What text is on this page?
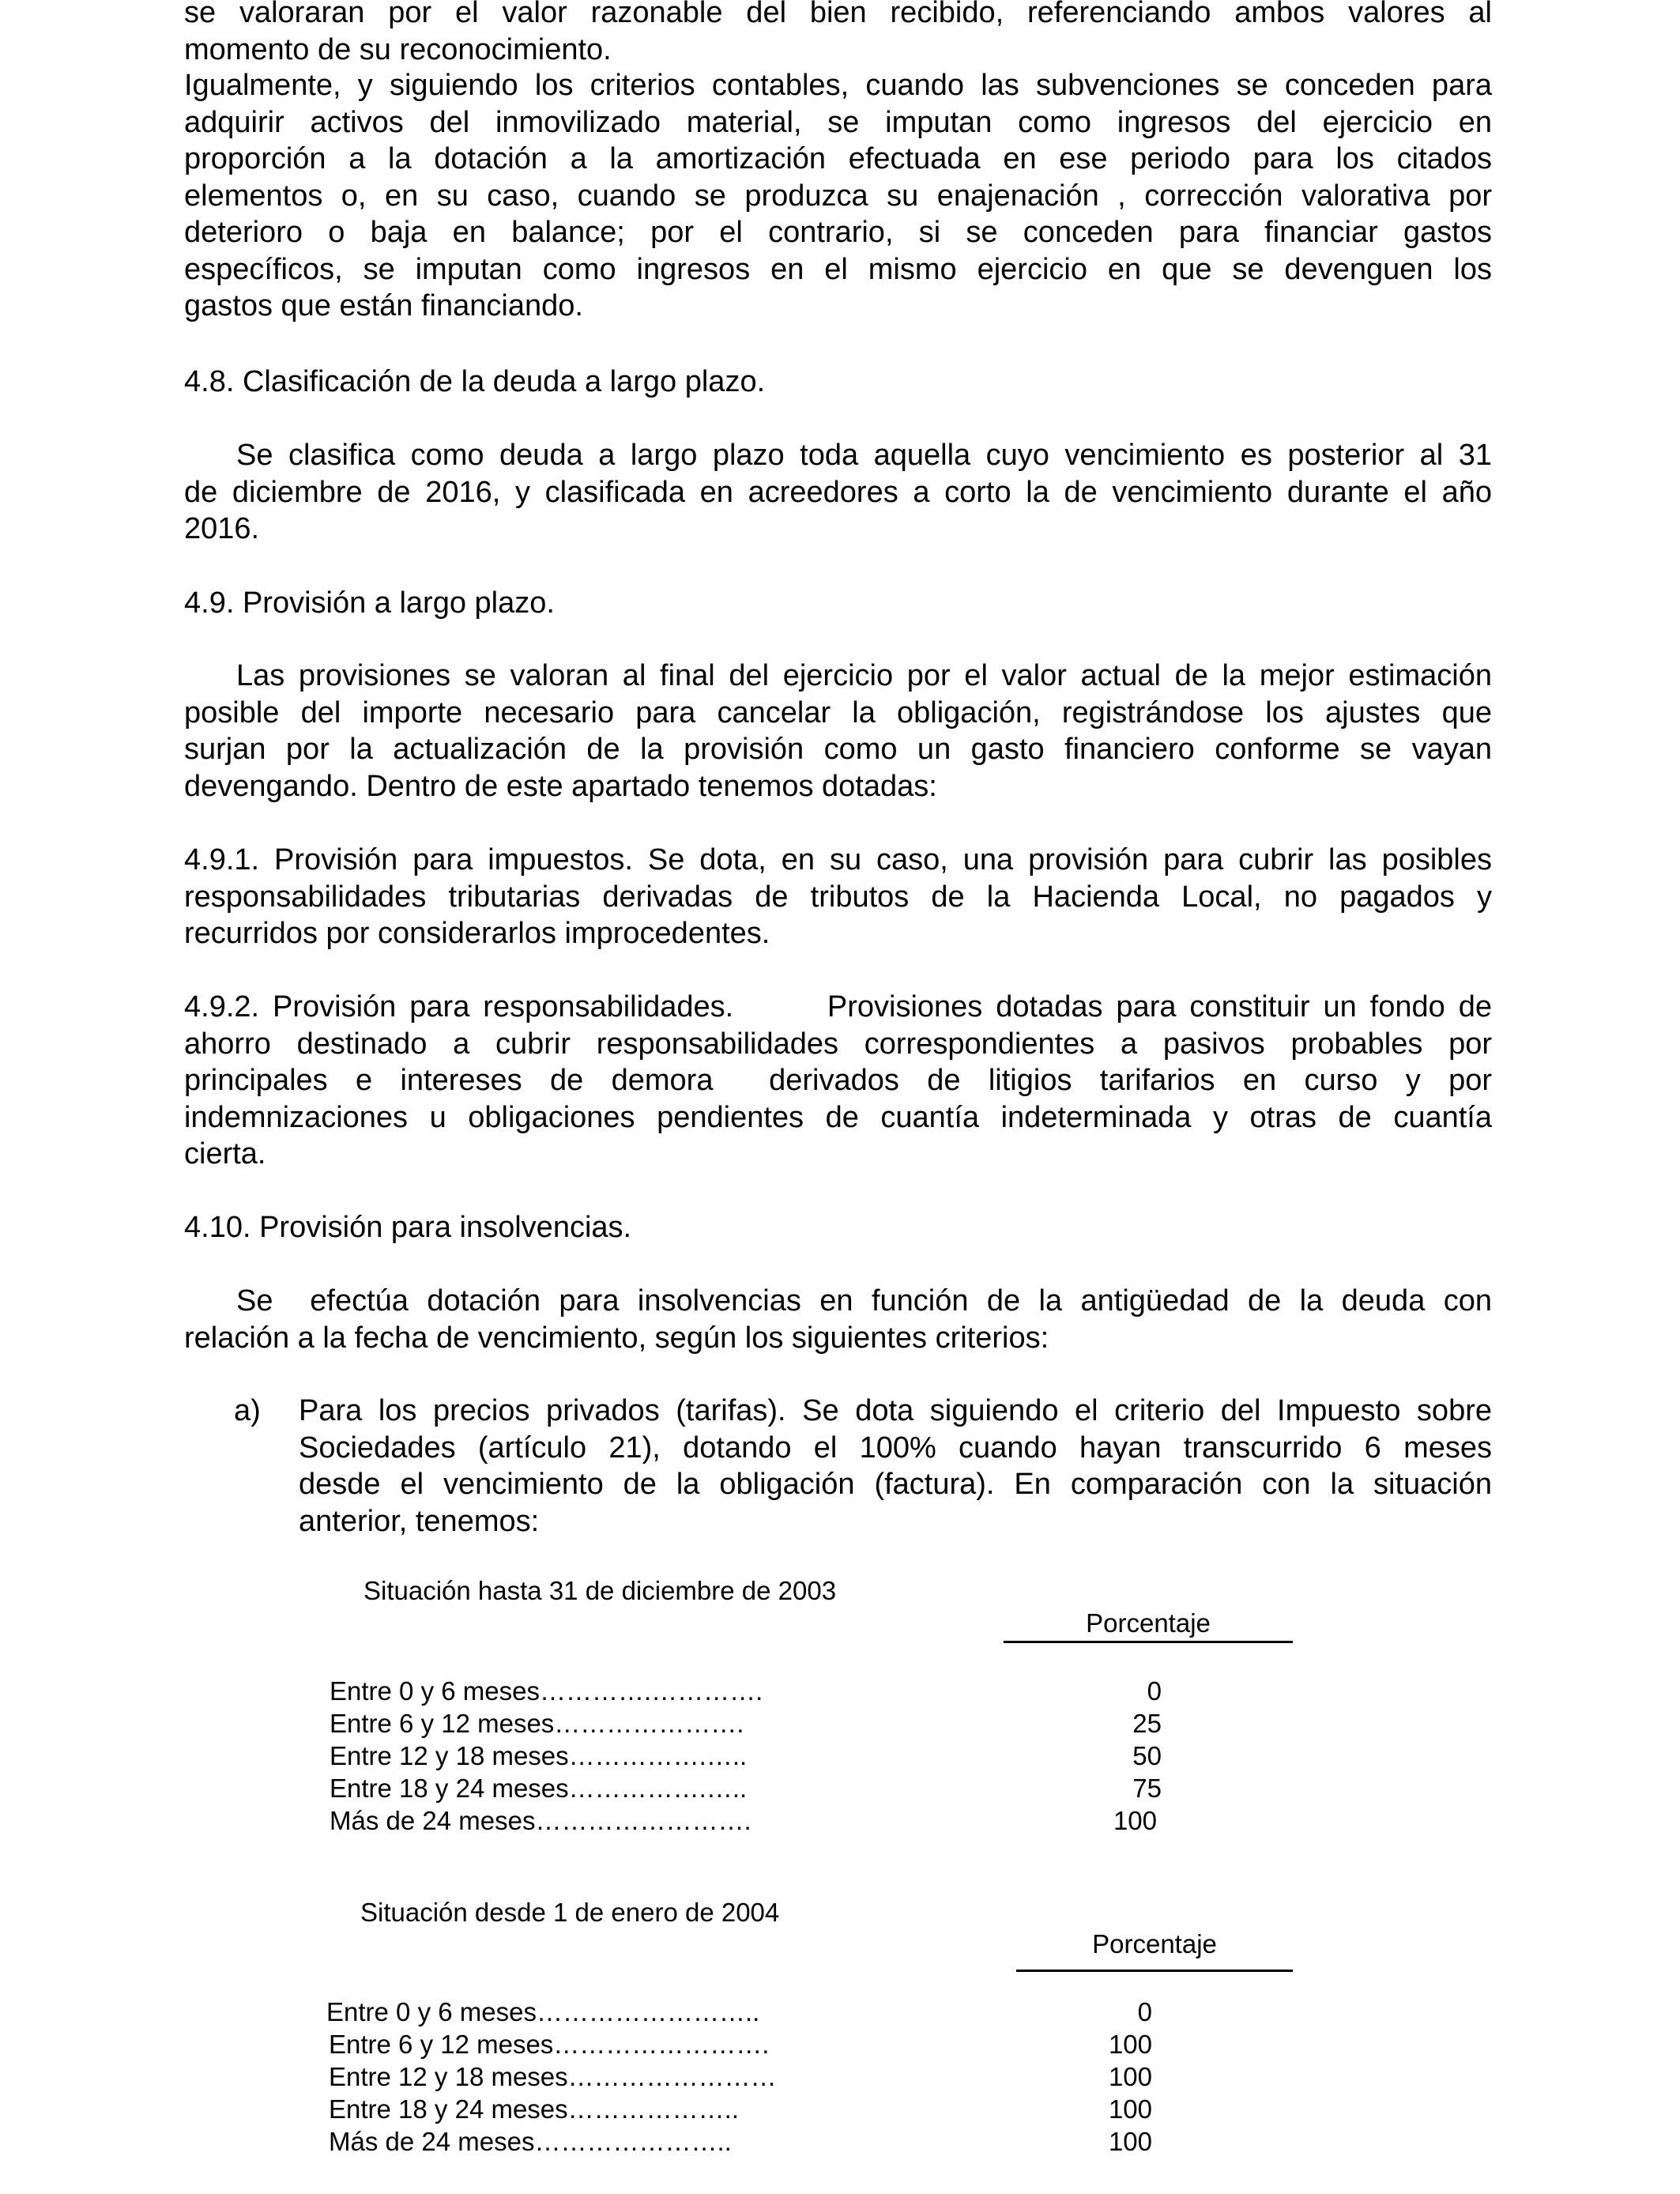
se valoraran por el valor razonable del bien recibido, referenciando ambos valores al
momento de su reconocimiento.
Igualmente, y siguiendo los criterios contables, cuando las subvenciones se conceden para
adquirir activos del inmovilizado material, se imputan como ingresos del ejercicio en
proporción a la dotación a la amortización efectuada en ese periodo para los citados
elementos o, en su caso, cuando se produzca su enajenación , corrección valorativa por
deterioro o baja en balance; por el contrario, si se conceden para financiar gastos
específicos, se imputan como ingresos en el mismo ejercicio en que se devenguen los
gastos que están financiando.
4.8. Clasificación de la deuda a largo plazo.
Se clasifica como deuda a largo plazo toda aquella cuyo vencimiento es posterior al 31
de diciembre de 2016, y clasificada en acreedores a corto la de vencimiento durante el año
2016.
4.9. Provisión a largo plazo.
Las provisiones se valoran al final del ejercicio por el valor actual de la mejor estimación
posible del importe necesario para cancelar la obligación, registrándose los ajustes que
surjan por la actualización de la provisión como un gasto financiero conforme se vayan
devengando. Dentro de este apartado tenemos dotadas:
4.9.1. Provisión para impuestos. Se dota, en su caso, una provisión para cubrir las posibles
responsabilidades tributarias derivadas de tributos de la Hacienda Local, no pagados y
recurridos por considerarlos improcedentes.
4.9.2. Provisión para responsabilidades.       Provisiones dotadas para constituir un fondo de
ahorro destinado a cubrir responsabilidades correspondientes a pasivos probables por
principales e intereses de demora  derivados de litigios tarifarios en curso y por
indemnizaciones u obligaciones pendientes de cuantía indeterminada y otras de cuantía
cierta.
4.10. Provisión para insolvencias.
Se  efectúa dotación para insolvencias en función de la antigüedad de la deuda con
relación a la fecha de vencimiento, según los siguientes criterios:
a) Para los precios privados (tarifas). Se dota siguiendo el criterio del Impuesto sobre
Sociedades (artículo 21), dotando el 100% cuando hayan transcurrido 6 meses
desde el vencimiento de la obligación (factura). En comparación con la situación
anterior, tenemos:
Situación hasta 31 de diciembre de 2003
Porcentaje
Entre 0 y 6 meses………….………….	0
Entre 6 y 12 meses………………….	25
Entre 12 y 18 meses…………….…..	50
Entre 18 y 24 meses…………….…..	75
Más de 24 meses…………………….	100
Situación desde 1 de enero de 2004
Porcentaje
Entre 0 y 6 meses……………………..	0
Entre 6 y 12 meses…………………….	100
Entre 12 y 18 meses……………………	100
Entre 18 y 24 meses………………..	100
Más de 24 meses…………………..	100
